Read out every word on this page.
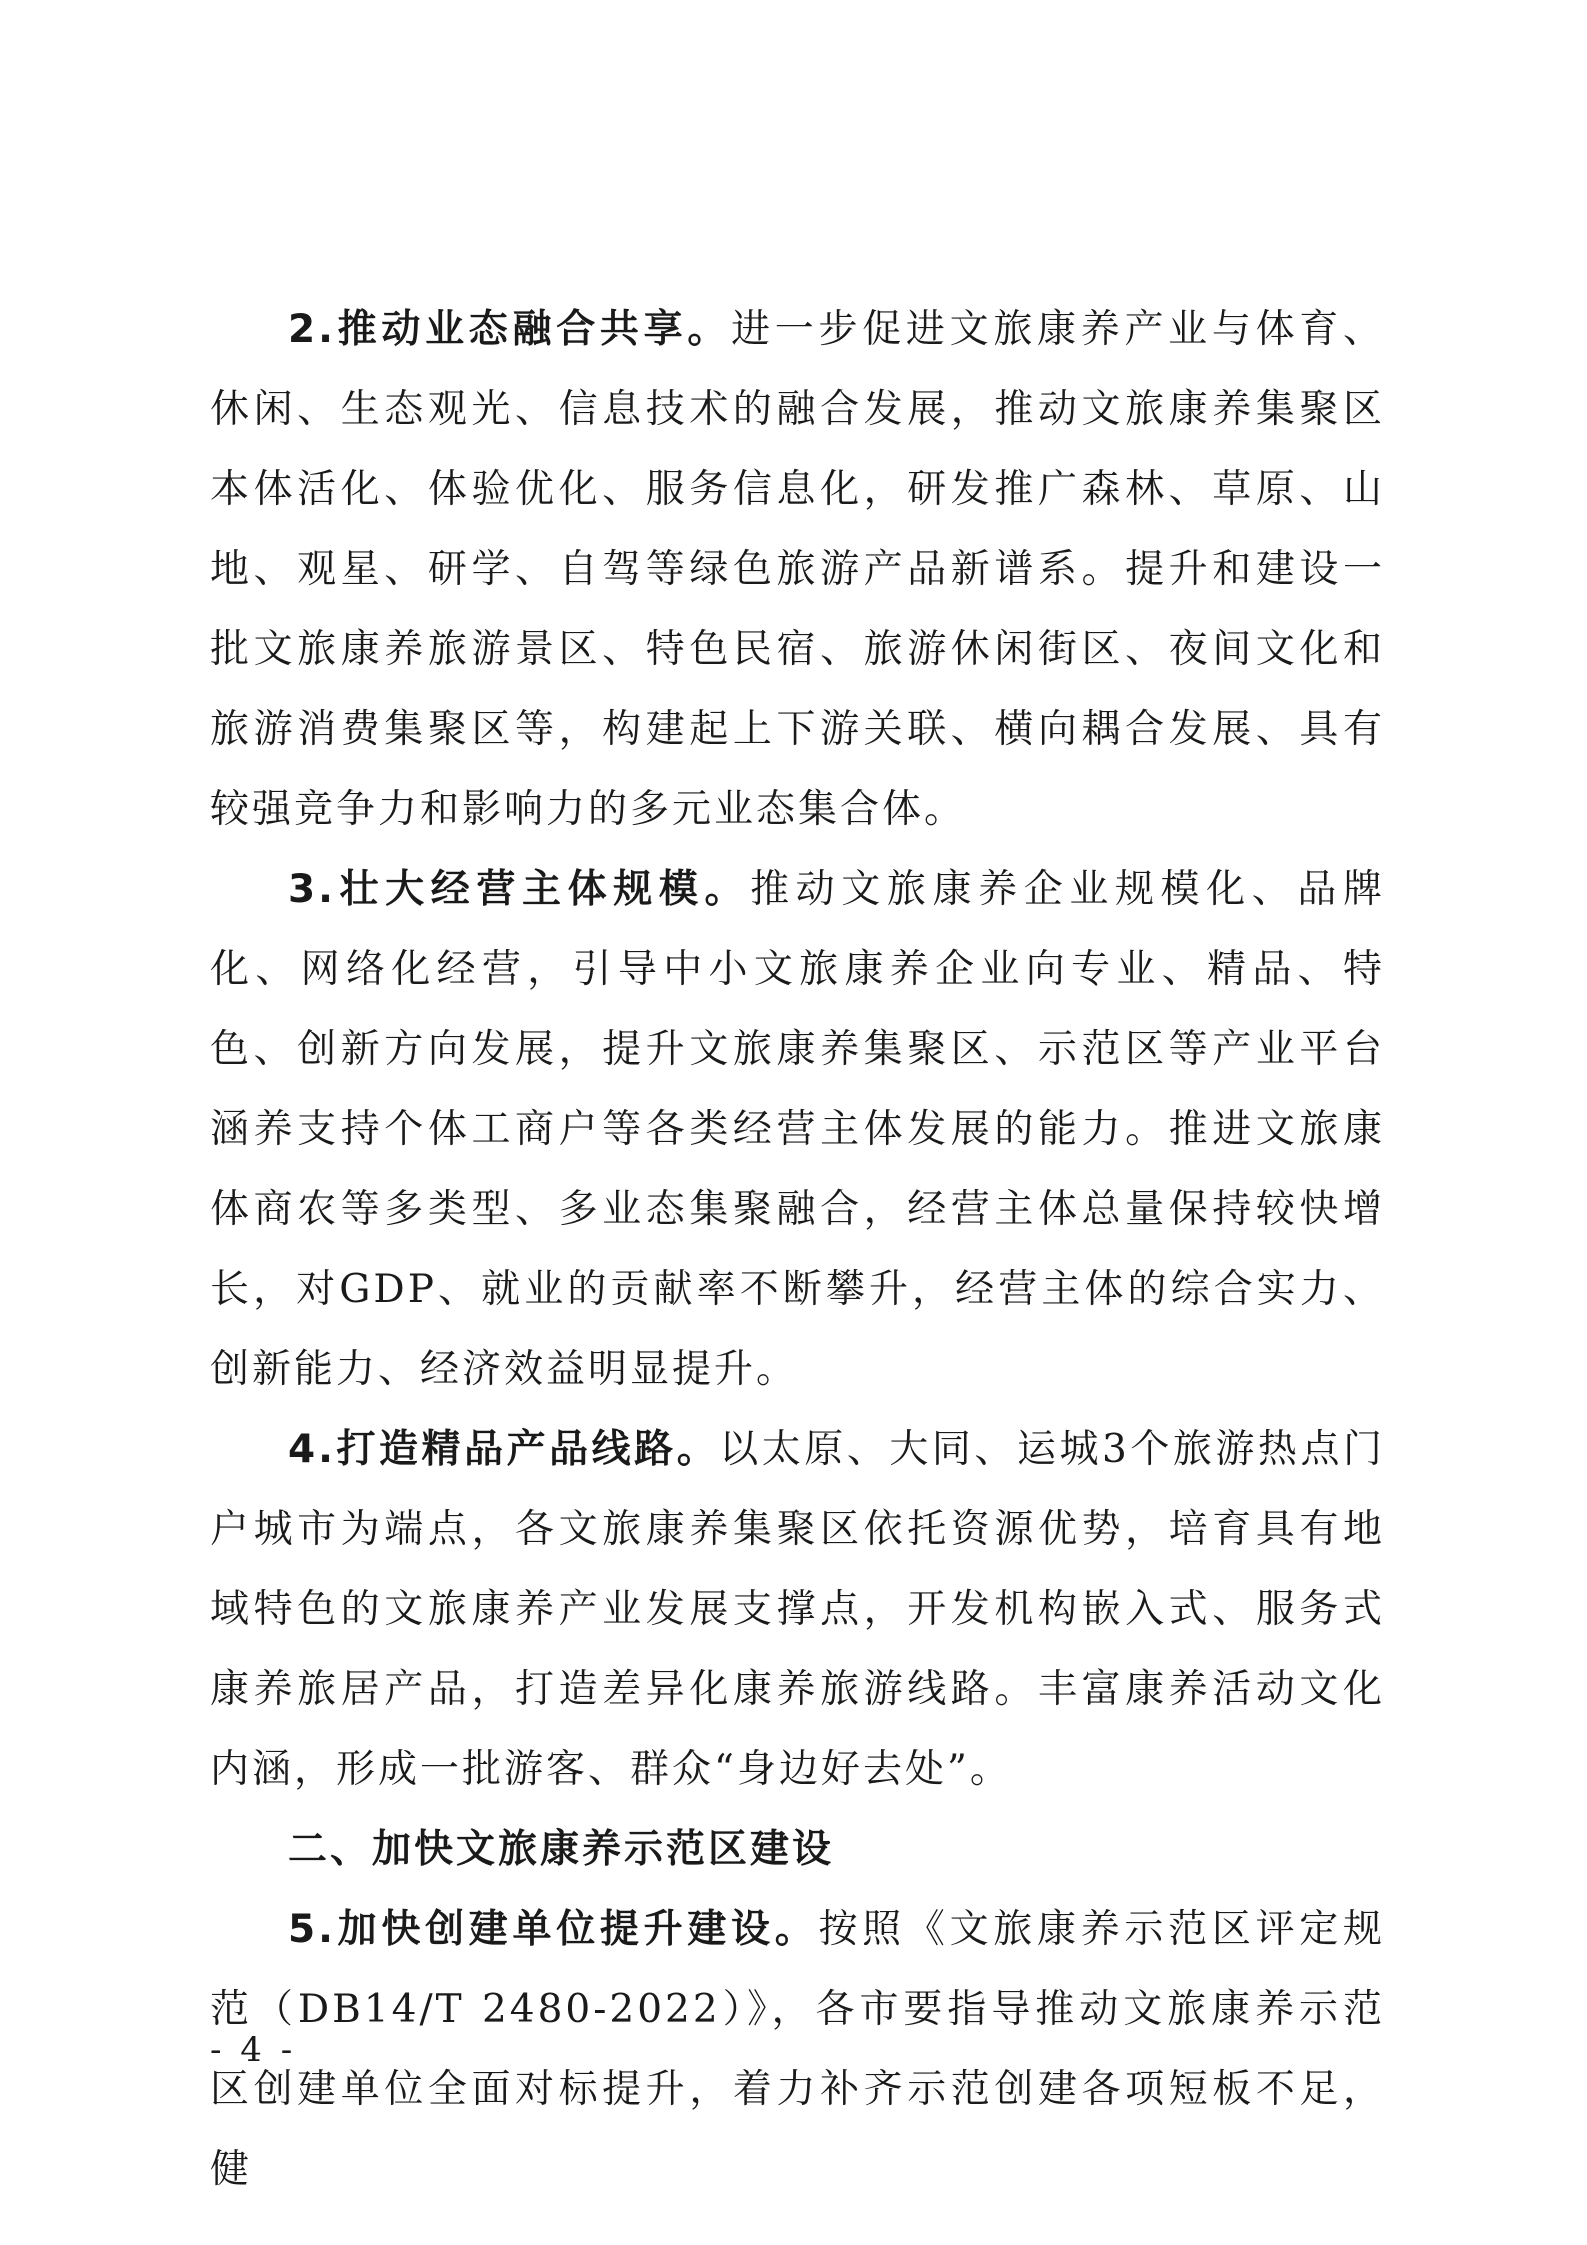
2.推动业态融合共享。进一步促进文旅康养产业与体育、休闲、生态观光、信息技术的融合发展，推动文旅康养集聚区本体活化、体验优化、服务信息化，研发推广森林、草原、山地、观星、研学、自驾等绿色旅游产品新谱系。提升和建设一批文旅康养旅游景区、特色民宿、旅游休闲街区、夜间文化和旅游消费集聚区等，构建起上下游关联、横向耦合发展、具有较强竞争力和影响力的多元业态集合体。

3.壮大经营主体规模。推动文旅康养企业规模化、品牌化、网络化经营，引导中小文旅康养企业向专业、精品、特色、创新方向发展，提升文旅康养集聚区、示范区等产业平台涵养支持个体工商户等各类经营主体发展的能力。推进文旅康体商农等多类型、多业态集聚融合，经营主体总量保持较快增长，对GDP、就业的贡献率不断攀升，经营主体的综合实力、创新能力、经济效益明显提升。

4.打造精品产品线路。以太原、大同、运城3个旅游热点门户城市为端点，各文旅康养集聚区依托资源优势，培育具有地域特色的文旅康养产业发展支撑点，开发机构嵌入式、服务式康养旅居产品，打造差异化康养旅游线路。丰富康养活动文化内涵，形成一批游客、群众“身边好去处”。

二、加快文旅康养示范区建设

5.加快创建单位提升建设。按照《文旅康养示范区评定规范（DB14/T 2480-2022）》，各市要指导推动文旅康养示范区创建单位全面对标提升，着力补齐示范创建各项短板不足，健

- 4 -
